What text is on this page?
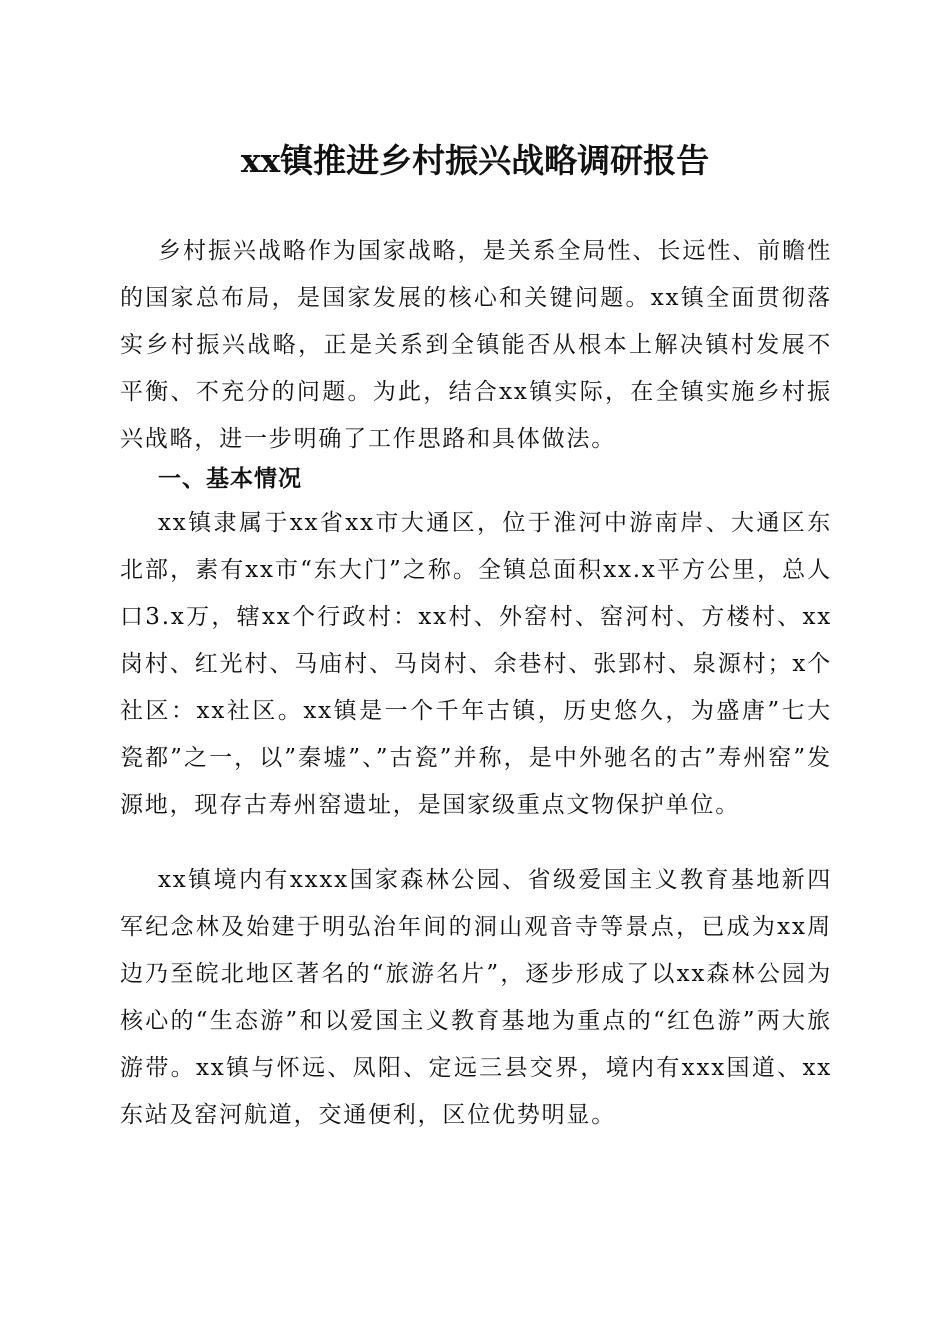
xx镇推进乡村振兴战略调研报告

乡村振兴战略作为国家战略，是关系全局性、长远性、前瞻性的国家总布局，是国家发展的核心和关键问题。xx镇全面贯彻落实乡村振兴战略，正是关系到全镇能否从根本上解决镇村发展不平衡、不充分的问题。为此，结合xx镇实际，在全镇实施乡村振兴战略，进一步明确了工作思路和具体做法。

一、基本情况

xx镇隶属于xx省xx市大通区，位于淮河中游南岸、大通区东北部，素有xx市“东大门”之称。全镇总面积xx.x平方公里，总人口3.x万，辖xx个行政村：xx村、外窑村、窑河村、方楼村、xx岗村、红光村、马庙村、马岗村、余巷村、张郢村、泉源村；x个社区：xx社区。xx镇是一个千年古镇，历史悠久，为盛唐”七大瓷都”之一，以”秦墟”、”古瓷”并称，是中外驰名的古”寿州窑”发源地，现存古寿州窑遗址，是国家级重点文物保护单位。

xx镇境内有xxxx国家森林公园、省级爱国主义教育基地新四军纪念林及始建于明弘治年间的洞山观音寺等景点，已成为xx周边乃至皖北地区著名的“旅游名片”，逐步形成了以xx森林公园为核心的“生态游”和以爱国主义教育基地为重点的“红色游”两大旅游带。xx镇与怀远、凤阳、定远三县交界，境内有xxx国道、xx东站及窑河航道，交通便利，区位优势明显。
